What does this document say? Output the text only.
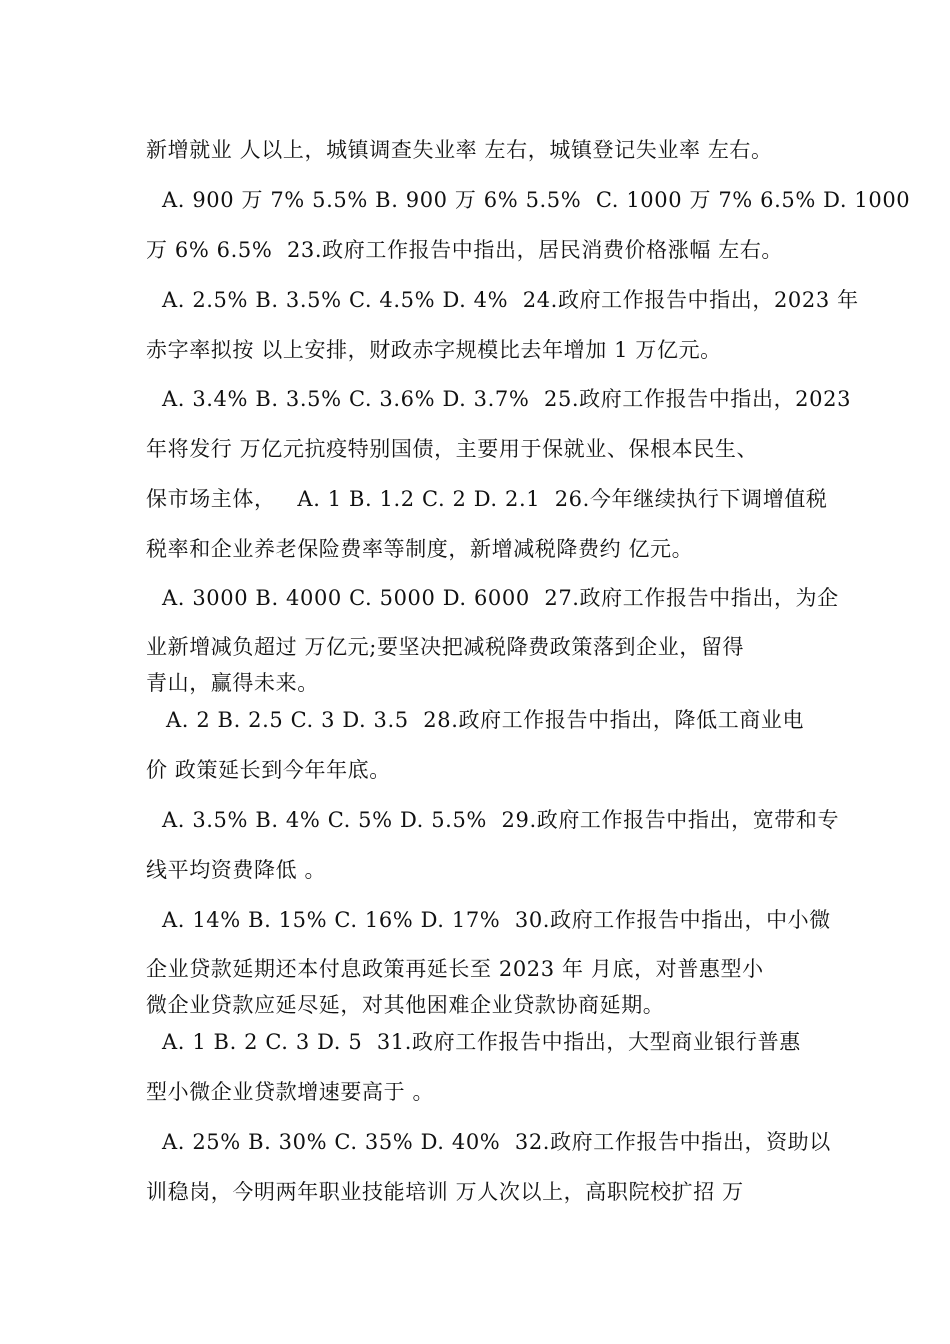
新增就业 人以上，城镇调查失业率 左右，城镇登记失业率 左右。
A. 900 万 7% 5.5% B. 900 万 6% 5.5%  C. 1000 万 7% 6.5% D. 1000
万 6% 6.5%  23.政府工作报告中指出，居民消费价格涨幅 左右。
A. 2.5% B. 3.5% C. 4.5% D. 4%  24.政府工作报告中指出，2023 年
赤字率拟按 以上安排，财政赤字规模比去年增加 1 万亿元。
A. 3.4% B. 3.5% C. 3.6% D. 3.7%  25.政府工作报告中指出，2023
年将发行 万亿元抗疫特别国债，主要用于保就业、保根本民生、
保市场主体，   A. 1 B. 1.2 C. 2 D. 2.1  26.今年继续执行下调增值税
税率和企业养老保险费率等制度，新增减税降费约 亿元。
A. 3000 B. 4000 C. 5000 D. 6000  27.政府工作报告中指出，为企
业新增减负超过 万亿元;要坚决把减税降费政策落到企业，留得
青山，赢得未来。
A. 2 B. 2.5 C. 3 D. 3.5  28.政府工作报告中指出，降低工商业电
价 政策延长到今年年底。
A. 3.5% B. 4% C. 5% D. 5.5%  29.政府工作报告中指出，宽带和专
线平均资费降低 。
A. 14% B. 15% C. 16% D. 17%  30.政府工作报告中指出，中小微
企业贷款延期还本付息政策再延长至 2023 年 月底，对普惠型小
微企业贷款应延尽延，对其他困难企业贷款协商延期。
A. 1 B. 2 C. 3 D. 5  31.政府工作报告中指出，大型商业银行普惠
型小微企业贷款增速要高于 。
A. 25% B. 30% C. 35% D. 40%  32.政府工作报告中指出，资助以
训稳岗，今明两年职业技能培训 万人次以上，高职院校扩招 万
